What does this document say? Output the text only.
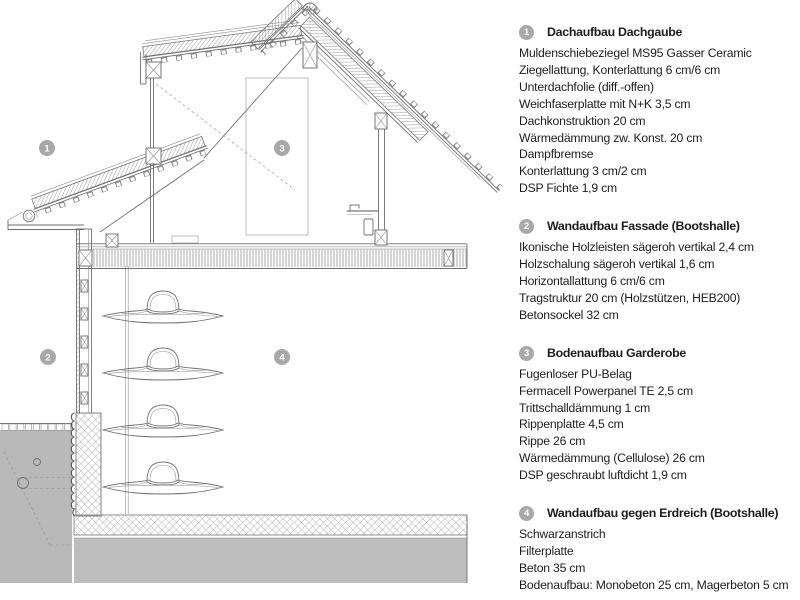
1
2
3
4
1	Dachaufbau Dachgaube
Muldenschiebeziegel MS95 Gasser Ceramic
Ziegellattung, Konterlattung 6 cm/6 cm
Unterdachfolie (diff.-offen)
Weichfaserplatte mit N+K 3,5 cm
Dachkonstruktion 20 cm
Wärmedämmung zw. Konst. 20 cm
Dampfbremse
Konterlattung 3 cm/2 cm
DSP Fichte 1,9 cm
2	Wandaufbau Fassade (Bootshalle)
Ikonische Holzleisten sägeroh vertikal 2,4 cm
Holzschalung sägeroh vertikal 1,6 cm
Horizontallattung 6 cm/6 cm
Tragstruktur 20 cm (Holzstützen, HEB200)
Betonsockel 32 cm
3	Bodenaufbau Garderobe
Fugenloser PU-Belag
Fermacell Powerpanel TE 2,5 cm
Trittschalldämmung 1 cm
Rippenplatte 4,5 cm
Rippe 26 cm
Wärmedämmung (Cellulose) 26 cm
DSP geschraubt luftdicht 1,9 cm
4	Wandaufbau gegen Erdreich (Bootshalle)
Schwarzanstrich
Filterplatte
Beton 35 cm
Bodenaufbau: Monobeton 25 cm, Magerbeton 5 cm
